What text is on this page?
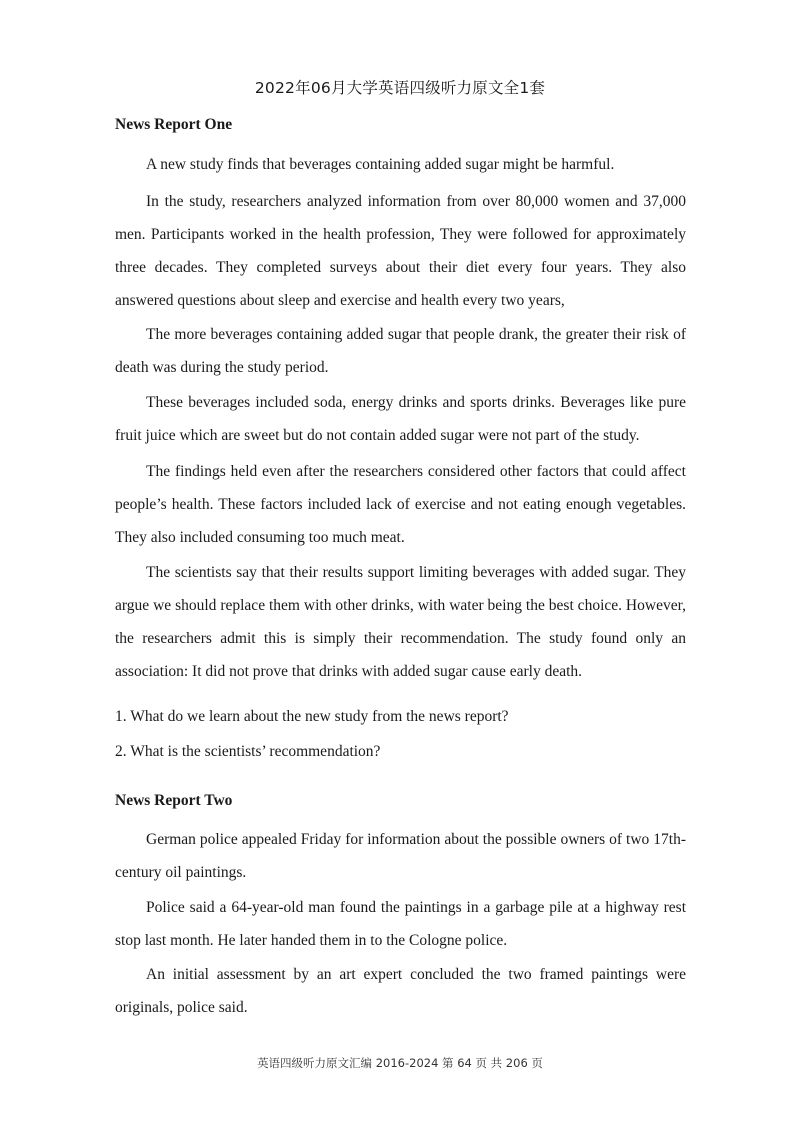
2022年06月大学英语四级听力原文全1套
News Report One

A new study finds that beverages containing added sugar might be harmful.

In the study, researchers analyzed information from over 80,000 women and 37,000 men. Participants worked in the health profession, They were followed for approximately three decades. They completed surveys about their diet every four years. They also answered questions about sleep and exercise and health every two years,

The more beverages containing added sugar that people drank, the greater their risk of death was during the study period.

These beverages included soda, energy drinks and sports drinks. Beverages like pure fruit juice which are sweet but do not contain added sugar were not part of the study.

The findings held even after the researchers considered other factors that could affect people’s health. These factors included lack of exercise and not eating enough vegetables. They also included consuming too much meat.

The scientists say that their results support limiting beverages with added sugar. They argue we should replace them with other drinks, with water being the best choice. However, the researchers admit this is simply their recommendation. The study found only an association: It did not prove that drinks with added sugar cause early death.

1. What do we learn about the new study from the news report?

2. What is the scientists’ recommendation?

News Report Two

German police appealed Friday for information about the possible owners of two 17th-century oil paintings.

Police said a 64-year-old man found the paintings in a garbage pile at a highway rest stop last month. He later handed them in to the Cologne police.

An initial assessment by an art expert concluded the two framed paintings were originals, police said.

英语四级听力原文汇编 2016-2024 第 64 页 共 206 页
